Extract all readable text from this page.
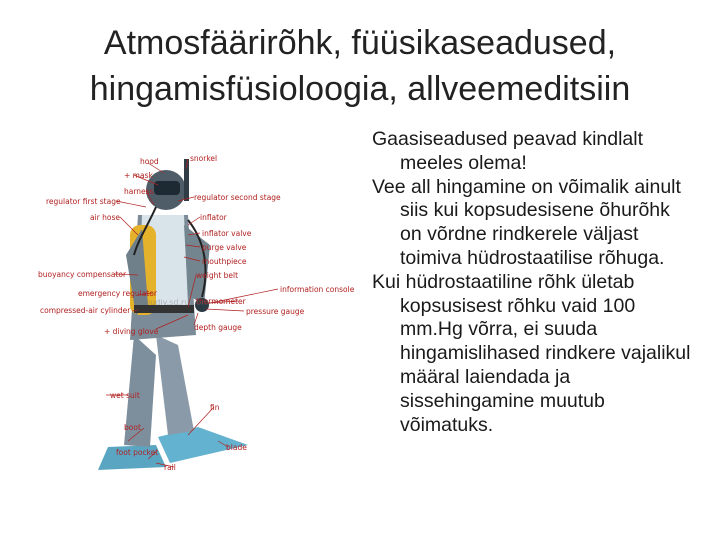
Atmosfäärirõhk, füüsikaseadused, hingamisfüsioloogia, allveemeditsiin
hood
+ mask
snorkel
regulator first stage
harness
regulator second stage
air hose	inflator
inflator valve
purge valve
mouthpiece
buoyancy compensator	weight belt
information console
emergency regulator
thermometer
compressed-air cylinder	pressure gauge
+ diving glove	depth gauge
wet suit
fin
boot
blade
foot pocket
rail
ikiloudiv.sd.ru.com

Gaasiseadused peavad kindlalt meeles olema!

Vee all hingamine on võimalik ainult siis kui kopsudesisene õhurõhk on võrdne rindkerele väljast toimiva hüdrostaatilise rõhuga.

Kui hüdrostaatiline rõhk ületab kopsusisest rõhku vaid 100 mm.Hg võrra, ei suuda hingamislihased rindkere vajalikul määral laiendada ja sissehingamine muutub võimatuks.
